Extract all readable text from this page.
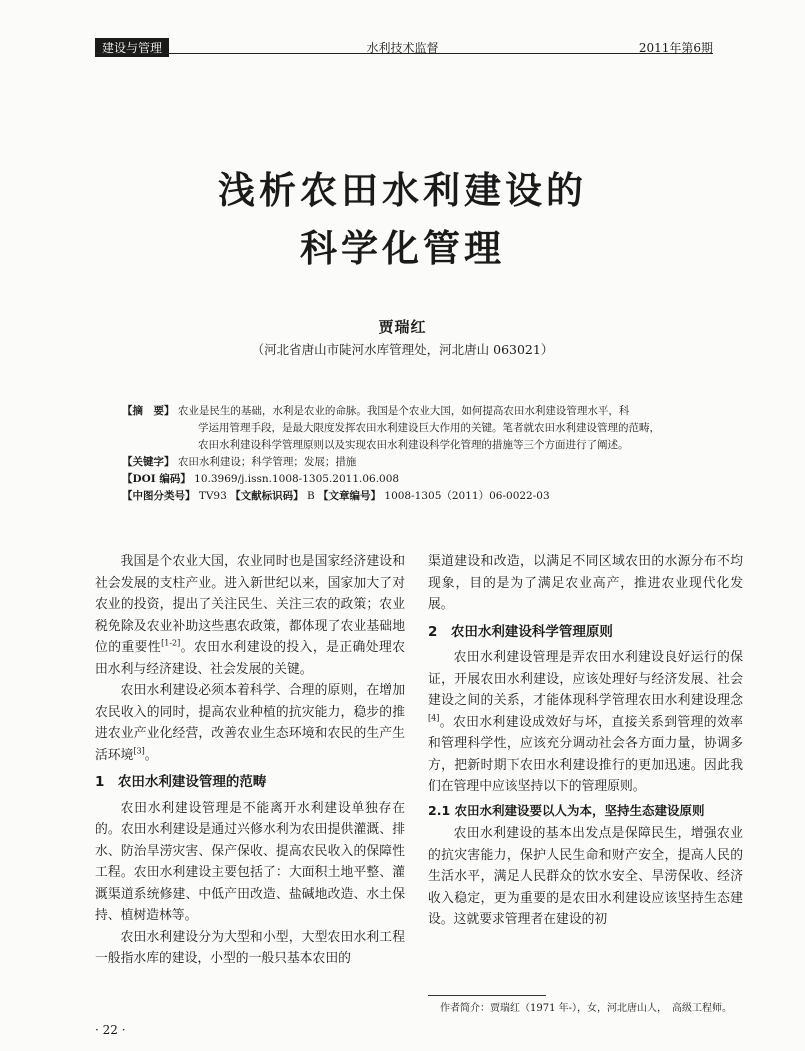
建设与管理	水利技术监督	2011年第6期
浅析农田水利建设的
科学化管理
贾瑞红
（河北省唐山市陡河水库管理处，河北唐山 063021）
【摘　要】 农业是民生的基础，水利是农业的命脉。我国是个农业大国，如何提高农田水利建设管理水平，科
学运用管理手段，是最大限度发挥农田水利建设巨大作用的关键。笔者就农田水利建设管理的范畴，
农田水利建设科学管理原则以及实现农田水利建设科学化管理的措施等三个方面进行了阐述。
【关键字】 农田水利建设；科学管理；发展；措施
【DOI 编码】 10.3969/j.issn.1008-1305.2011.06.008
【中图分类号】 TV93 【文献标识码】 B 【文章编号】 1008-1305（2011）06-0022-03

我国是个农业大国，农业同时也是国家经济建设和社会发展的支柱产业。进入新世纪以来，国家加大了对农业的投资，提出了关注民生、关注三农的政策；农业税免除及农业补助这些惠农政策，都体现了农业基础地位的重要性[1-2]。农田水利建设的投入，是正确处理农田水利与经济建设、社会发展的关键。

农田水利建设必须本着科学、合理的原则，在增加农民收入的同时，提高农业种植的抗灾能力，稳步的推进农业产业化经营，改善农业生态环境和农民的生产生活环境[3]。

1　农田水利建设管理的范畴

农田水利建设管理是不能离开水利建设单独存在的。农田水利建设是通过兴修水利为农田提供灌溉、排水、防治旱涝灾害、保产保收、提高农民收入的保障性工程。农田水利建设主要包括了：大面积土地平整、灌溉渠道系统修建、中低产田改造、盐碱地改造、水土保持、植树造林等。

农田水利建设分为大型和小型，大型农田水利工程一般指水库的建设，小型的一般只基本农田的

渠道建设和改造，以满足不同区域农田的水源分布不均现象，目的是为了满足农业高产，推进农业现代化发展。

2　农田水利建设科学管理原则

农田水利建设管理是弄农田水利建设良好运行的保证，开展农田水利建设，应该处理好与经济发展、社会建设之间的关系，才能体现科学管理农田水利建设理念[4]。农田水利建设成效好与坏，直接关系到管理的效率和管理科学性，应该充分调动社会各方面力量，协调多方，把新时期下农田水利建设推行的更加迅速。因此我们在管理中应该坚持以下的管理原则。

2.1 农田水利建设要以人为本，坚持生态建设原则

农田水利建设的基本出发点是保障民生，增强农业的抗灾害能力，保护人民生命和财产安全，提高人民的生活水平，满足人民群众的饮水安全、旱涝保收、经济收入稳定，更为重要的是农田水利建设应该坚持生态建设。这就要求管理者在建设的初

作者简介：贾瑞红（1971 年-），女，河北唐山人，　高级工程师。
· 22 ·
